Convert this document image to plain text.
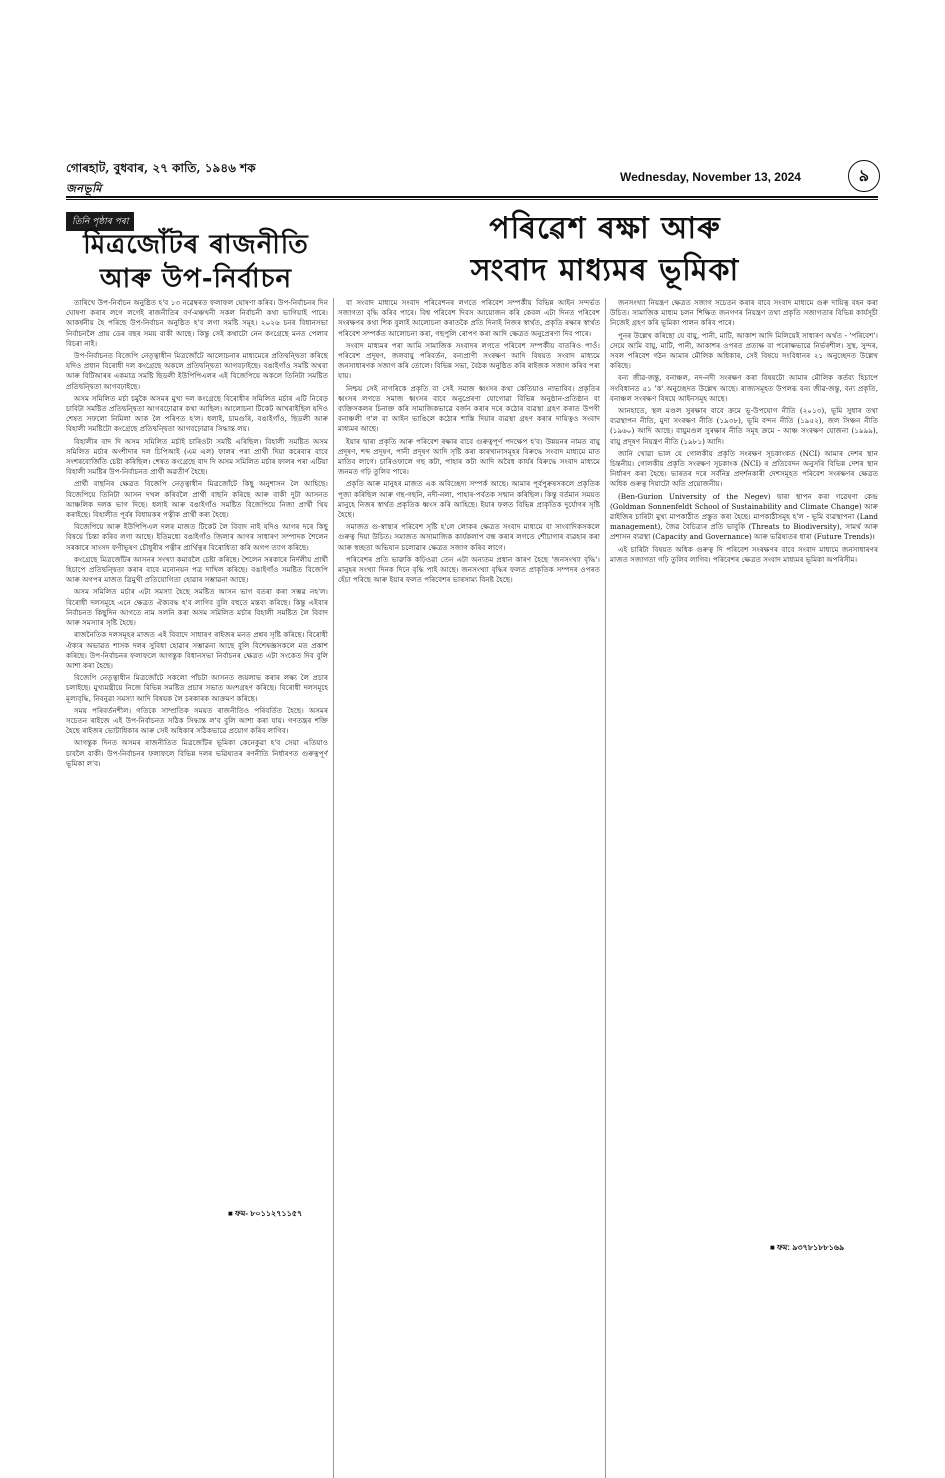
গোৰহাট, বুধবাৰ, ২৭ কাতি, ১৯৪৬ শক
জনভূমি
Wednesday, November 13, 2024	৯
তিনি পৃষ্ঠাৰ পৰা
মিত্ৰজোঁটৰ ৰাজনীতি
আৰু উপ-নিৰ্বাচন
পৰিৱেশ ৰক্ষা আৰু
সংবাদ মাধ্যমৰ ভূমিকা

তাৰিখে উপ-নিৰ্বাচন অনুষ্ঠিত হ'ব ১৩ নৱেম্বৰত ফলাফল ঘোষণা কৰিব। উপ-নিৰ্বাচনৰ দিন ঘোষণা কৰাৰ লগে লগেই ৰাজনীতিৰ বৰ্ণ-মঞ্চখনী সকল নিৰ্বাচনী কথা ভাগিয়াই পাৰে। আকৰ্ষনীয় হৈ পৰিছে উপ-নিৰ্বাচন অনুষ্ঠিত হ'ব লগা সমষ্টি সমূহ। ২০২৬ চনৰ বিধানসভা নিৰ্বাচনলৈ প্ৰায় ডেৰ বছৰ সময় বাকী আছে। কিন্তু সেই কথাটো নেন কংগ্ৰেছে মনত পেলাব বিচৰা নাই।

উপ-নিৰ্বাচনত বিজেপি নেতৃত্বাধীন মিত্ৰজোঁটে আলোচনাৰ মাধ্যমেৰে প্ৰতিদ্বন্দ্বিতা কৰিছে যদিও প্ৰধান বিৰোধী দল কংগ্ৰেছে অকলে প্ৰতিদ্বন্দ্বিতা আগবঢ়াইছে। বঙাইগাঁও সমষ্টি অথবা আৰু বিটিআৰৰ একমাত্ৰ সমষ্টি ছিডলী ইউপিপিএলৰ এই বিজেপিয়ে অকলে তিনিটা সমষ্টিত প্ৰতিদ্বন্দ্বিতা আগবঢ়াইছে।

অসম সমিলিত মৰ্চা চমুকৈ অসমৰ মুখ্য দল কংগ্ৰেছে বিৰোধীৰ সমিলিত মৰ্চাৰ এটি নিবেড় চাবিটা সমষ্টিত প্ৰতিদ্বন্দ্বিতা আগবঢ়োৱাৰ কথা আছিল। আলোচনা টিকেট আখৰাইছিল যদিও শেষত সফলো নিমিলা আক লৈ পৰিণত হ'ল। ধলাই, চামগুৰি, বঙাইগাঁও, ছিডলী আৰু বিহালী সমষ্টিটো কংগ্ৰেছে প্ৰতিদ্বন্দ্বিতা আগবঢ়োৱাৰ সিদ্ধান্ত লয়।

বিহালীৰ বাদ দি অসম সমিলিত মৰ্চাই চাৰিওটা সমষ্টি এৰিছিল। বিহালী সমষ্টিত অসম সমিলিত মৰ্চাৰ অংশীদাৰ দল চিপিআই (এম এল) ফালৰ পৰা প্ৰাৰ্থী দিয়া কৰেবাৰ বাবে সংশৰবোৰ্জিতি চেষ্টা কৰিছিল। শেষত কংগ্ৰেছে বাদ দি অসম সমিলিত মৰ্চাৰ ফালৰ পৰা এটিয়া বিহালী সমষ্টিৰ উপ-নিৰ্বাচনত প্ৰাৰ্থী অৱতীৰ্ণ হৈছে।

প্ৰাৰ্থী বাছনিৰ ক্ষেত্ৰত বিজেপি নেতৃত্বাধীন মিত্ৰজোঁটে কিছু অনুশাসন লৈ আহিছে। বিজেপিয়ে তিনিটা আসন দখল কৰিবলৈ প্ৰাৰ্থী বাছনি কৰিছে আৰু বাকী দুটা আসনত আঞ্চলিক দলক ভাগ দিছে। ধলাই আৰু বঙাইগাঁও সমষ্টিত বিজেপিয়ে নিজা প্ৰাৰ্থী থিয় কৰাইছে। বিহালীত পূৰ্বৰ বিধায়কৰ পত্নীক প্ৰাৰ্থী কৰা হৈছে।

বিজেপিয়ে আৰু ইউপিপিএল দলৰ মাজত টিকেট লৈ বিবাদ নাই যদিও আগৰ দৰে কিছু বিষয়ে চিন্তা কৰিব লগা আছে। ইতিমধ্যে বঙাইগাঁও জিলাৰ আগৰ সাধাৰণ সম্পাদক শৈলেন সৰকাৰে সাংসদ ফণীভূষণ চৌধুৰীৰ পত্নীৰ প্ৰাৰ্থিত্বৰ বিৰোধিতা কৰি অগপ ত্যাগ কৰিছে।

কংগ্ৰেছে মিত্ৰজোঁটৰ আসনৰ সংখ্যা কমাবলৈ চেষ্টা কৰিছে। শৈলেন সৰকাৰে নিৰ্দলীয় প্ৰাৰ্থী হিচাপে প্ৰতিদ্বন্দ্বিতা কৰাৰ বাবে মনোনয়ন পত্ৰ দাখিল কৰিছে। বঙাইগাঁও সমষ্টিত বিজেপি আৰু অগপৰ মাজত ত্ৰিমুখী প্ৰতিযোগিতা হোৱাৰ সম্ভাৱনা আছে।

অসম সমিলিত মৰ্চাৰ এটা সমস্যা হৈছে সমষ্টিত আসন ভাগ বতৰা কৰা সম্ভৱ নহ'ল। বিৰোধী দলসমূহে এনে ক্ষেত্ৰত ঐক্যবদ্ধ হ'ব লাগিব বুলি বহুতে মন্তব্য কৰিছে। কিন্তু এইবাৰ নিৰ্বাচনত কিছুদিন আগতে নাম সলনি কৰা অসম সমিলিত মৰ্চাৰ বিহালী সমষ্টিত লৈ বিবাদ আৰু সমস্যাৰ সৃষ্টি হৈছে।

ৰাজনৈতিক দলসমূহৰ মাজত এই বিবাদে সাধাৰণ ৰাইজৰ মনত প্ৰশ্নৰ সৃষ্টি কৰিছে। বিৰোধী ঐক্যৰ অভাৱত শাসক দলৰ সুবিধা হোৱাৰ সম্ভাৱনা আছে বুলি বিশেষজ্ঞসকলে মত প্ৰকাশ কৰিছে। উপ-নিৰ্বাচনৰ ফলাফলে আগন্তুক বিধানসভা নিৰ্বাচনৰ ক্ষেত্ৰত এটা সংকেত দিব বুলি আশা কৰা হৈছে।

বিজেপি নেতৃত্বাধীন মিত্ৰজোঁটে সকলো পাঁচটা আসনত জয়লাভ কৰাৰ লক্ষ্য লৈ প্ৰচাৰ চলাইছে। মুখ্যমন্ত্ৰীয়ে নিজে বিভিন্ন সমষ্টিত প্ৰচাৰ সভাত অংশগ্ৰহণ কৰিছে। বিৰোধী দলসমূহে মূল্যবৃদ্ধি, নিবনুৱা সমস্যা আদি বিষয়ক লৈ চৰকাৰক আক্ৰমণ কৰিছে।

সময় পৰিবৰ্তনশীল। গতিকে সাম্প্ৰতিক সময়ত ৰাজনীতিও পৰিবৰ্তিত হৈছে। অসমৰ সচেতন ৰাইজে এই উপ-নিৰ্বাচনত সঠিক সিদ্ধান্ত ল'ব বুলি আশা কৰা যায়। গণতন্ত্ৰৰ শক্তি হৈছে ৰাইজৰ ভোটাধিকাৰ আৰু সেই অধিকাৰ সঠিকভাৱে প্ৰয়োগ কৰিব লাগিব।

আগন্তুক দিনত অসমৰ ৰাজনীতিত মিত্ৰজোঁটৰ ভূমিকা কেনেকুৱা হ'ব সেয়া এতিয়াও চাবলৈ বাকী। উপ-নিৰ্বাচনৰ ফলাফলে বিভিন্ন দলৰ ভৱিষ্যতৰ ৰণনীতি নিৰ্ধাৰণত গুৰুত্বপূৰ্ণ ভূমিকা ল'ব।

বা সংবাদ মাধ্যমে সংবাদ পৰিবেশনৰ লগতে পৰিবেশ সম্পৰ্কীয় বিভিন্ন আইন সন্দৰ্ভত সজাগতা বৃদ্ধি কৰিব পাৰে। বিশ্ব পৰিবেশ দিবস আয়োজন কৰি কেবল এটা দিনত পৰিবেশ সংৰক্ষণৰ কথা শিক বুলাই আলোচনা কৰাতকৈ প্ৰতি দিনাই নিজৰ স্বাৰ্থত, প্ৰকৃতি ৰক্ষাৰ স্বাৰ্থত পৰিবেশ সম্পৰ্কত আলোচনা কৰা, গছপুলি ৰোপণ কৰা আদি ক্ষেত্ৰত অনুপ্ৰেৰণা দিব পাৰে।

সংবাদ মাধ্যমৰ পৰা আমি সামাজিক সংবাদৰ লগতে পৰিবেশ সম্পৰ্কীয় বাতৰিও পাওঁ। পৰিবেশ প্ৰদূষণ, জলবায়ু পৰিবৰ্তন, বন্যপ্ৰাণী সংৰক্ষণ আদি বিষয়ত সংবাদ মাধ্যমে জনসাধাৰণক সজাগ কৰি তোলে। বিভিন্ন সভা, বৈঠক অনুষ্ঠিত কৰি ৰাইজক সজাগ কৰিব পৰা যায়।

নিশ্চয় সেই নাগৰিকে প্ৰকৃতি বা সেই সমাজ ধ্বংসৰ কথা কেতিয়াও নাভাবিব। প্ৰকৃতিৰ ধ্বংসৰ লগতে সমাজ ধ্বংসৰ বাবে অনুপ্ৰেৰণা যোগোৱা বিভিন্ন অনুষ্ঠান-প্ৰতিষ্ঠান বা ব্যক্তিসকলৰ চিনাক্ত কৰি সামাজিকভাৱে বৰ্জন কৰাৰ দৰে কঠোৰ ব্যৱস্থা গ্ৰহণ কৰাত উপগী বনাঞ্চলী গ'ল বা আইন ভাঙিলে কঠোৰ শাস্তি দিয়াৰ ব্যৱস্থা গ্ৰহণ কৰাৰ দায়িত্বও সংবাদ মাধ্যমৰ আছে।

ইয়াৰ দ্বাৰা প্ৰকৃতি আৰু পৰিবেশ ৰক্ষাৰ বাবে গুৰুত্বপূৰ্ণ পদক্ষেপ হ'ব। উন্নয়নৰ নামত বায়ু প্ৰদূষণ, শব্দ প্ৰদূষণ, পানী প্ৰদূষণ আদি সৃষ্টি কৰা কাৰখানাসমূহৰ বিৰুদ্ধে সংবাদ মাধ্যমে মাত মাতিব লাগে। চাৰিওফালে গছ কটা, পাহাৰ কটা আদি অবৈধ কাৰ্যৰ বিৰুদ্ধে সংবাদ মাধ্যমে জনমত গঢ়ি তুলিব পাৰে।

প্ৰকৃতি আৰু মানুহৰ মাজত এক অবিচ্ছেদ্য সম্পৰ্ক আছে। আমাৰ পূৰ্বপুৰুষসকলে প্ৰকৃতিক পূজা কৰিছিল আৰু গছ-গছনি, নদী-নলা, পাহাৰ-পৰ্বতক সন্মান কৰিছিল। কিন্তু বৰ্তমান সময়ত মানুহে নিজৰ স্বাৰ্থত প্ৰকৃতিক ধ্বংস কৰি আহিছে। ইয়াৰ ফলত বিভিন্ন প্ৰাকৃতিক দুৰ্যোগৰ সৃষ্টি হৈছে।

সমাজত গু-স্বাস্থ্যৰ পৰিবেশ সৃষ্টি হ'লে লোকৰ ক্ষেত্ৰত সংবাদ মাধ্যমে বা সাংবাদিকসকলে গুৰুত্ব দিয়া উচিত। সমাজত অসামাজিক কাৰ্যকলাপ বন্ধ কৰাৰ লগতে শৌচাগাৰ ব্যৱহাৰ কৰা আৰু স্বচ্ছতা অভিযান চলোৱাৰ ক্ষেত্ৰত সজাগ কৰিব লাগে।

পৰিবেশৰ প্ৰতি ভাৱুকি কঢ়িওৱা তেন এটা অন্যতম প্ৰধান কাৰণ হৈছে 'জনসংখ্যা বৃদ্ধি'। মানুহৰ সংখ্যা দিনক দিনে বৃদ্ধি পাই আছে। জনসংখ্যা বৃদ্ধিৰ ফলত প্ৰাকৃতিক সম্পদৰ ওপৰত হেঁচা পৰিছে আৰু ইয়াৰ ফলত পৰিবেশৰ ভাৰসাম্য বিনষ্ট হৈছে।

জনসংখ্যা নিয়ন্ত্ৰণ ক্ষেত্ৰত সজাগ সচেতন কৰাৰ বাবে সংবাদ মাধ্যমে গুৰু দায়িত্ব বহন কৰা উচিত। সামাজিক মাধ্যম চলন শিক্ষিত জনগণৰ নিয়ন্ত্ৰণ তথা প্ৰকৃতি সজাগতাৰ বিভিন্ন কাৰ্যসূচী নিজেই গ্ৰহণ কৰি ভূমিকা পালন কৰিব পাৰে।

পুনৰ উল্লেখ কৰিছো যে বায়ু, পানী, মাটি, আকাশ আদি মিলিয়েই সাধাৰণ অৰ্থত - 'পৰিবেশ'। সেয়ে আমি বায়ু, মাটি, পানী, আকাশৰ ওপৰত প্ৰত্যক্ষ বা পৰোক্ষভাৱে নিৰ্ভৰশীল। সুস্থ, সুন্দৰ, সবল পৰিবেশ গঠন আমাৰ মৌলিক অধিকাৰ, সেই বিষয়ে সংবিধানৰ ২১ অনুচ্ছেদত উল্লেখ কৰিছে।

বন্য জীৱ-জন্তু, বনাঞ্চল, নদ-নদী সংৰক্ষণ কৰা বিষয়টো আমাৰ মৌলিক কৰ্তব্য হিচাপে সংবিধানত ৫১ 'ক' অনুচ্ছেদত উল্লেখ আছে। ৰাজ্যসমূহত উপলব্ধ বন্য জীৱ-জন্তু, বন্য প্ৰকৃতি, বনাঞ্চল সংৰক্ষণ বিষয়ে আইনসমূহ আছে।

আনহাতে, স্থল মণ্ডল সুৰক্ষাৰ বাবে ক্ৰমে ভূ-উপযোগ নীতি (২০১৩), ভূমি সুধাৰ তথা ব্যৱস্থাপন নীতি, মুদা সংৰক্ষণ নীতি (১৯৩৮), ভূমি বন্দন নীতি (১৯৫২), জল সিঞ্চন নীতি (১৯৬০) আদি আছে। বায়ুমণ্ডল সুৰক্ষাৰ নীতি সমূহ ক্ৰমে - আঞ্চ সংৰক্ষণ যোজনা (১৯৯৯), বায়ু প্ৰদূষণ নিয়ন্ত্ৰণ নীতি (১৯৮১) আদি।

জানি খোৱা ভাল যে গোলকীয় প্ৰকৃতি সংৰক্ষণ সূচকাংকত (NCI) আমাৰ দেশৰ স্থান চিন্তনীয়। গোলকীয় প্ৰকৃতি সংৰক্ষণ সূচকাংক (NCI) ৰ প্ৰতিবেদন অনুসৰি বিভিন্ন দেশৰ স্থান নিৰ্ধাৰণ কৰা হৈছে। ভাৰতৰ দৰে সৰ্বনিম্ন প্ৰদৰ্শনকাৰী দেশসমূহত পৰিবেশ সংৰক্ষণৰ ক্ষেত্ৰত অধিক গুৰুত্ব দিয়াটো অতি প্ৰয়োজনীয়।

(Ben-Gurion University of the Negev) দ্বাৰা স্থাপন কৰা গৱেষণা কেন্দ্ৰ (Goldman Sonnenfeldt School of Sustainability and Climate Change) আৰু ৱাইজিৰ চাৰিটা মুখ্য মাপকাঠীত প্ৰস্তুত কৰা হৈছে। মাপকাঠীসমূহ হ'ল - ভূমি ব্যৱস্থাপনা (Land management), জৈৱ বৈচিত্ৰ্যৰ প্ৰতি ভাবুকি (Threats to Biodiversity), সামৰ্থ আৰু প্ৰশাসন ব্যৱস্থা (Capacity and Governance) আৰু ভৱিষ্যতৰ ধাৰা (Future Trends)।

এই চাৰিটা বিষয়ত অধিক গুৰুত্ব দি পৰিবেশ সংৰক্ষণৰ বাবে সংবাদ মাধ্যমে জনসাধাৰণৰ মাজত সজাগতা গঢ়ি তুলিব লাগিব। পৰিবেশৰ ক্ষেত্ৰত সংবাদ মাধ্যমৰ ভূমিকা অপৰিসীম।

■ ফম- ৮০১১২৭১১৫৭
■ ফম: ৯৩৭৮১৮৮১৬৯
